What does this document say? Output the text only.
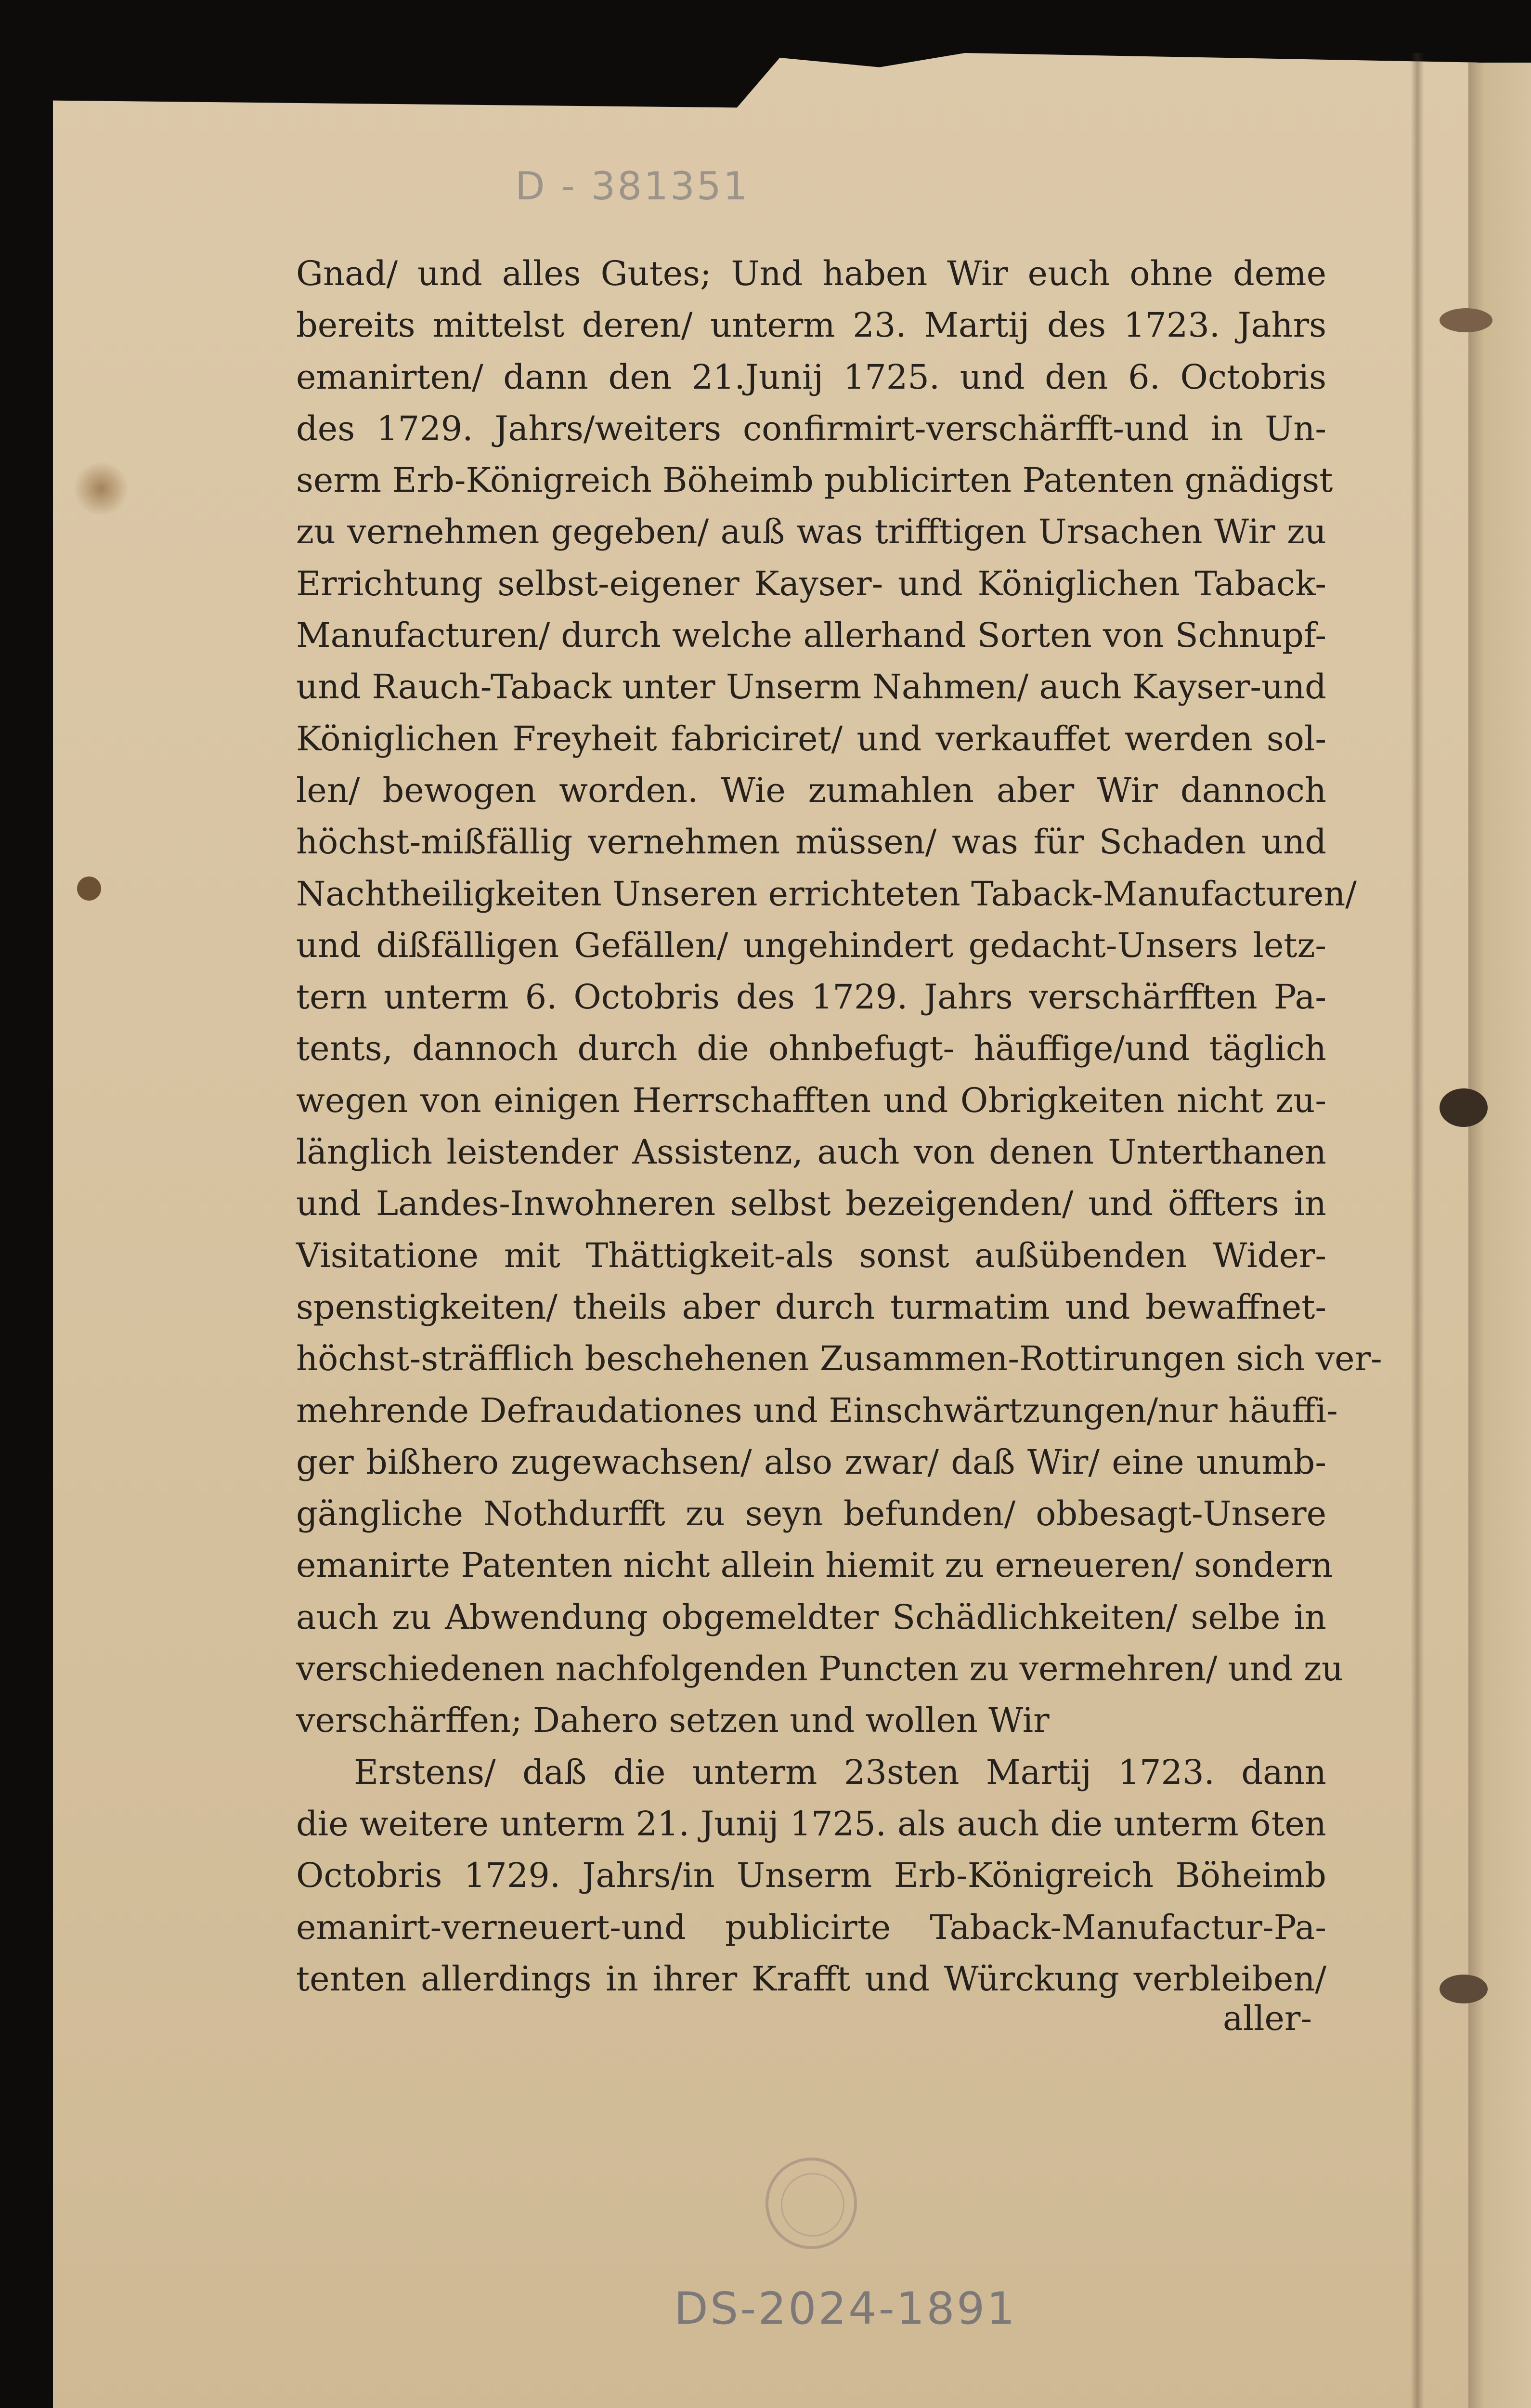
D - 381351
Gnad/ und alles Gutes; Und haben Wir euch ohne deme
bereits mittelst deren/ unterm 23. Martij des 1723. Jahrs
emanirten/ dann den 21.Junij 1725. und den 6. Octobris
des 1729. Jahrs/weiters confirmirt-verschärfft-und in Un-
serm Erb-Königreich Böheimb publicirten Patenten gnädigst
zu vernehmen gegeben/ auß was trifftigen Ursachen Wir zu
Errichtung selbst-eigener Kayser- und Königlichen Taback-
Manufacturen/ durch welche allerhand Sorten von Schnupf-
und Rauch-Taback unter Unserm Nahmen/ auch Kayser-und
Königlichen Freyheit fabriciret/ und verkauffet werden sol-
len/ bewogen worden. Wie zumahlen aber Wir dannoch
höchst-mißfällig vernehmen müssen/ was für Schaden und
Nachtheiligkeiten Unseren errichteten Taback-Manufacturen/
und dißfälligen Gefällen/ ungehindert gedacht-Unsers letz-
tern unterm 6. Octobris des 1729. Jahrs verschärfften Pa-
tents, dannoch durch die ohnbefugt- häuffige/und täglich
wegen von einigen Herrschafften und Obrigkeiten nicht zu-
länglich leistender Assistenz, auch von denen Unterthanen
und Landes-Inwohneren selbst bezeigenden/ und öffters in
Visitatione mit Thättigkeit-als sonst außübenden Wider-
spenstigkeiten/ theils aber durch turmatim und bewaffnet-
höchst-sträfflich beschehenen Zusammen-Rottirungen sich ver-
mehrende Defraudationes und Einschwärtzungen/nur häuffi-
ger bißhero zugewachsen/ also zwar/ daß Wir/ eine unumb-
gängliche Nothdurfft zu seyn befunden/ obbesagt-Unsere
emanirte Patenten nicht allein hiemit zu erneueren/ sondern
auch zu Abwendung obgemeldter Schädlichkeiten/ selbe in
verschiedenen nachfolgenden Puncten zu vermehren/ und zu
verschärffen; Dahero setzen und wollen Wir
Erstens/ daß die unterm 23sten Martij 1723. dann
die weitere unterm 21. Junij 1725. als auch die unterm 6ten
Octobris 1729. Jahrs/in Unserm Erb-Königreich Böheimb
emanirt-verneuert-und publicirte Taback-Manufactur-Pa-
tenten allerdings in ihrer Krafft und Würckung verbleiben/
aller-
DS-2024-1891
